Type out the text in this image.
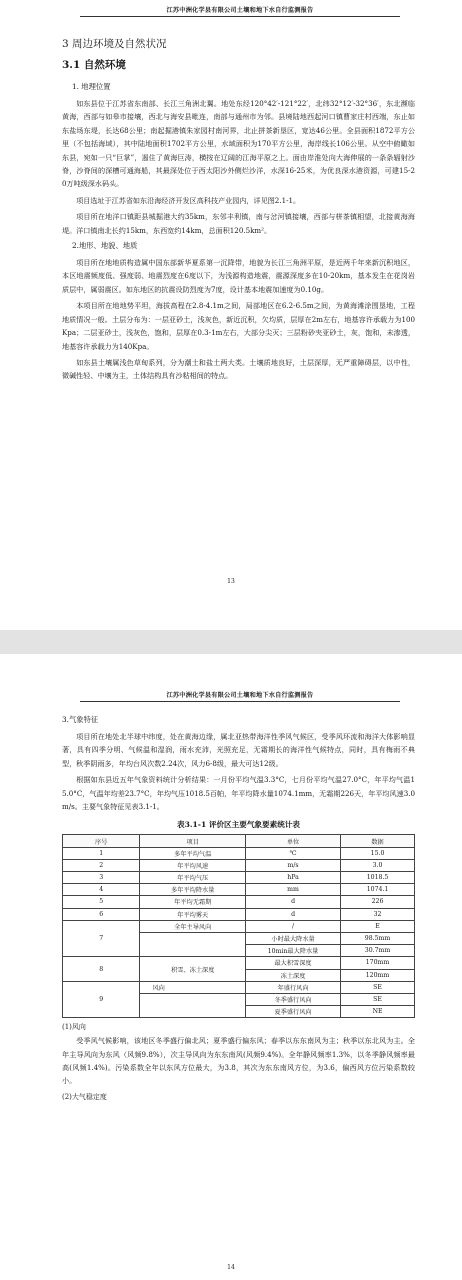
江苏中洲化学县有限公司土壤和地下水自行监测报告
3 周边环境及自然状况
3.1 自然环境
1. 地理位置

如东县位于江苏省东南部、长江三角洲北翼。地处东经120°42′-121°22′，北纬32°12′-32°36′，东北濒临黄海，西部与如皋市接壤，西北与海安县毗连，南部与通州市为邻。县境陆地西起河口镇曹家庄村西端，东止如东盐场东堤，长达68公里；南起掘港镇朱家园村南河界，北止拼茶新垦区，宽达46公里。全县面积1872平方公里（不包括海域），其中陆地面积1702平方公里，水域面积为170平方公里，海岸线长106公里。从空中俯瞰如东县，宛如一只“巨掌”，遏住了黄海巨涛，横按在辽阔的江海平原之上。面由岸淮处向大海伸展的一条条辐射沙脊，沙脊间的深槽可通海船，其最深处位于西太阳沙外侧烂沙洋，水深16-25米，为优良深水港资源，可建15-20万吨级深水码头。

项目选址于江苏省如东沿海经济开发区高科技产业园内，详见图2.1-1。

项目所在地洋口镇距县城掘港大约35km，东邻丰利镇，南与岔河镇接壤，西部与栟茶镇相望，北接黄海海堤。洋口镇南北长约15km，东西宽约14km，总面积120.5km²。

2.地形、地貌、地质

项目所在地地质构造属中国东部新华夏系第一沉降带，地貌为长江三角洲平原，是近两千年来新沉积地区，本区地震频度低、强度弱、地震烈度在6度以下，为浅源构造地震，震源深度多在10-20km，基本发生在花岗岩质层中，属弱震区。如东地区的抗震设防烈度为7度，设计基本地震加速度为0.10g。

本项目所在地地势平坦，海拔高程在2.8-4.1m之间，局部地区在6.2-6.5m之间，为黄海滩涂围垦地，工程地质情况一般。土层分布为：一层亚砂土，浅灰色，新近沉积，欠均质，层厚在2m左右，地基容许承载力为100Kpa；二层亚砂土，浅灰色，饱和，层厚在0.3-1m左右，大部分尖灭；三层粉砂夹亚砂土，灰，饱和，未渗透，地基容许承载力为140Kpa。

如东县土壤属浅色草甸系列，分为潮土和盐土两大类。土壤质地良好，土层深厚，无严重障碍层，以中性，微碱性轻、中壤为主，土体结构具有沙粘相间的特点。

13
江苏中洲化学县有限公司土壤和地下水自行监测报告
3.气象特征

项目所在地处北半球中纬度，处在黄海边缘，属北亚热带海洋性季风气候区，受季风环流和海洋大体影响显著，具有四季分明、气候温和湿润，雨水充沛，光照充足，无霜期长的海洋性气候特点，同时，具有梅雨不典型，秋季阴雨多，年均台风次数2.24次，风力6-8级，最大可达12级。

根据如东县近五年气象资料统计分析结果：一月份平均气温3.3°C，七月份平均气温27.0°C，年平均气温15.0°C，气温年均差23.7°C，年均气压1018.5百帕，年平均降水量1074.1mm，无霜期226天，年平均风速3.0m/s。主要气象特征见表3.1-1。

表3.1-1 评价区主要气象要素统计表
序号	项目	单位	数据
1	多年平均气温	℃	15.0
2	年平均风速	m/s	3.0
3	年平均气压	hPa	1018.5
4	多年平均降水量	mm	1074.1
5	年平均无霜期	d	226
6	年平均雾天	d	32
7	全年主导风向	/	E
		小时最大降水量	98.5mm
		10min最大降水量	30.7mm
8	积雪、冻土深度	最大积雪深度	170mm
		冻土深度	120mm
9	风向	年盛行风向	SE
		冬季盛行风向	SE
		夏季盛行风向	NE
(1)风向

受季风气候影响，该地区冬季盛行偏北风；夏季盛行偏东风；春季以东东南风为主；秋季以东北风为主。全年主导风向为东风（风频9.8%），次主导风向为东东南风(风频9.4%)。全年静风频率1.3%，以冬季静风频率最高(风频1.4%)。污染系数全年以东风方位最大，为3.8，其次为东东南风方位，为3.6，偏西风方位污染系数较小。

(2)大气稳定度
14
